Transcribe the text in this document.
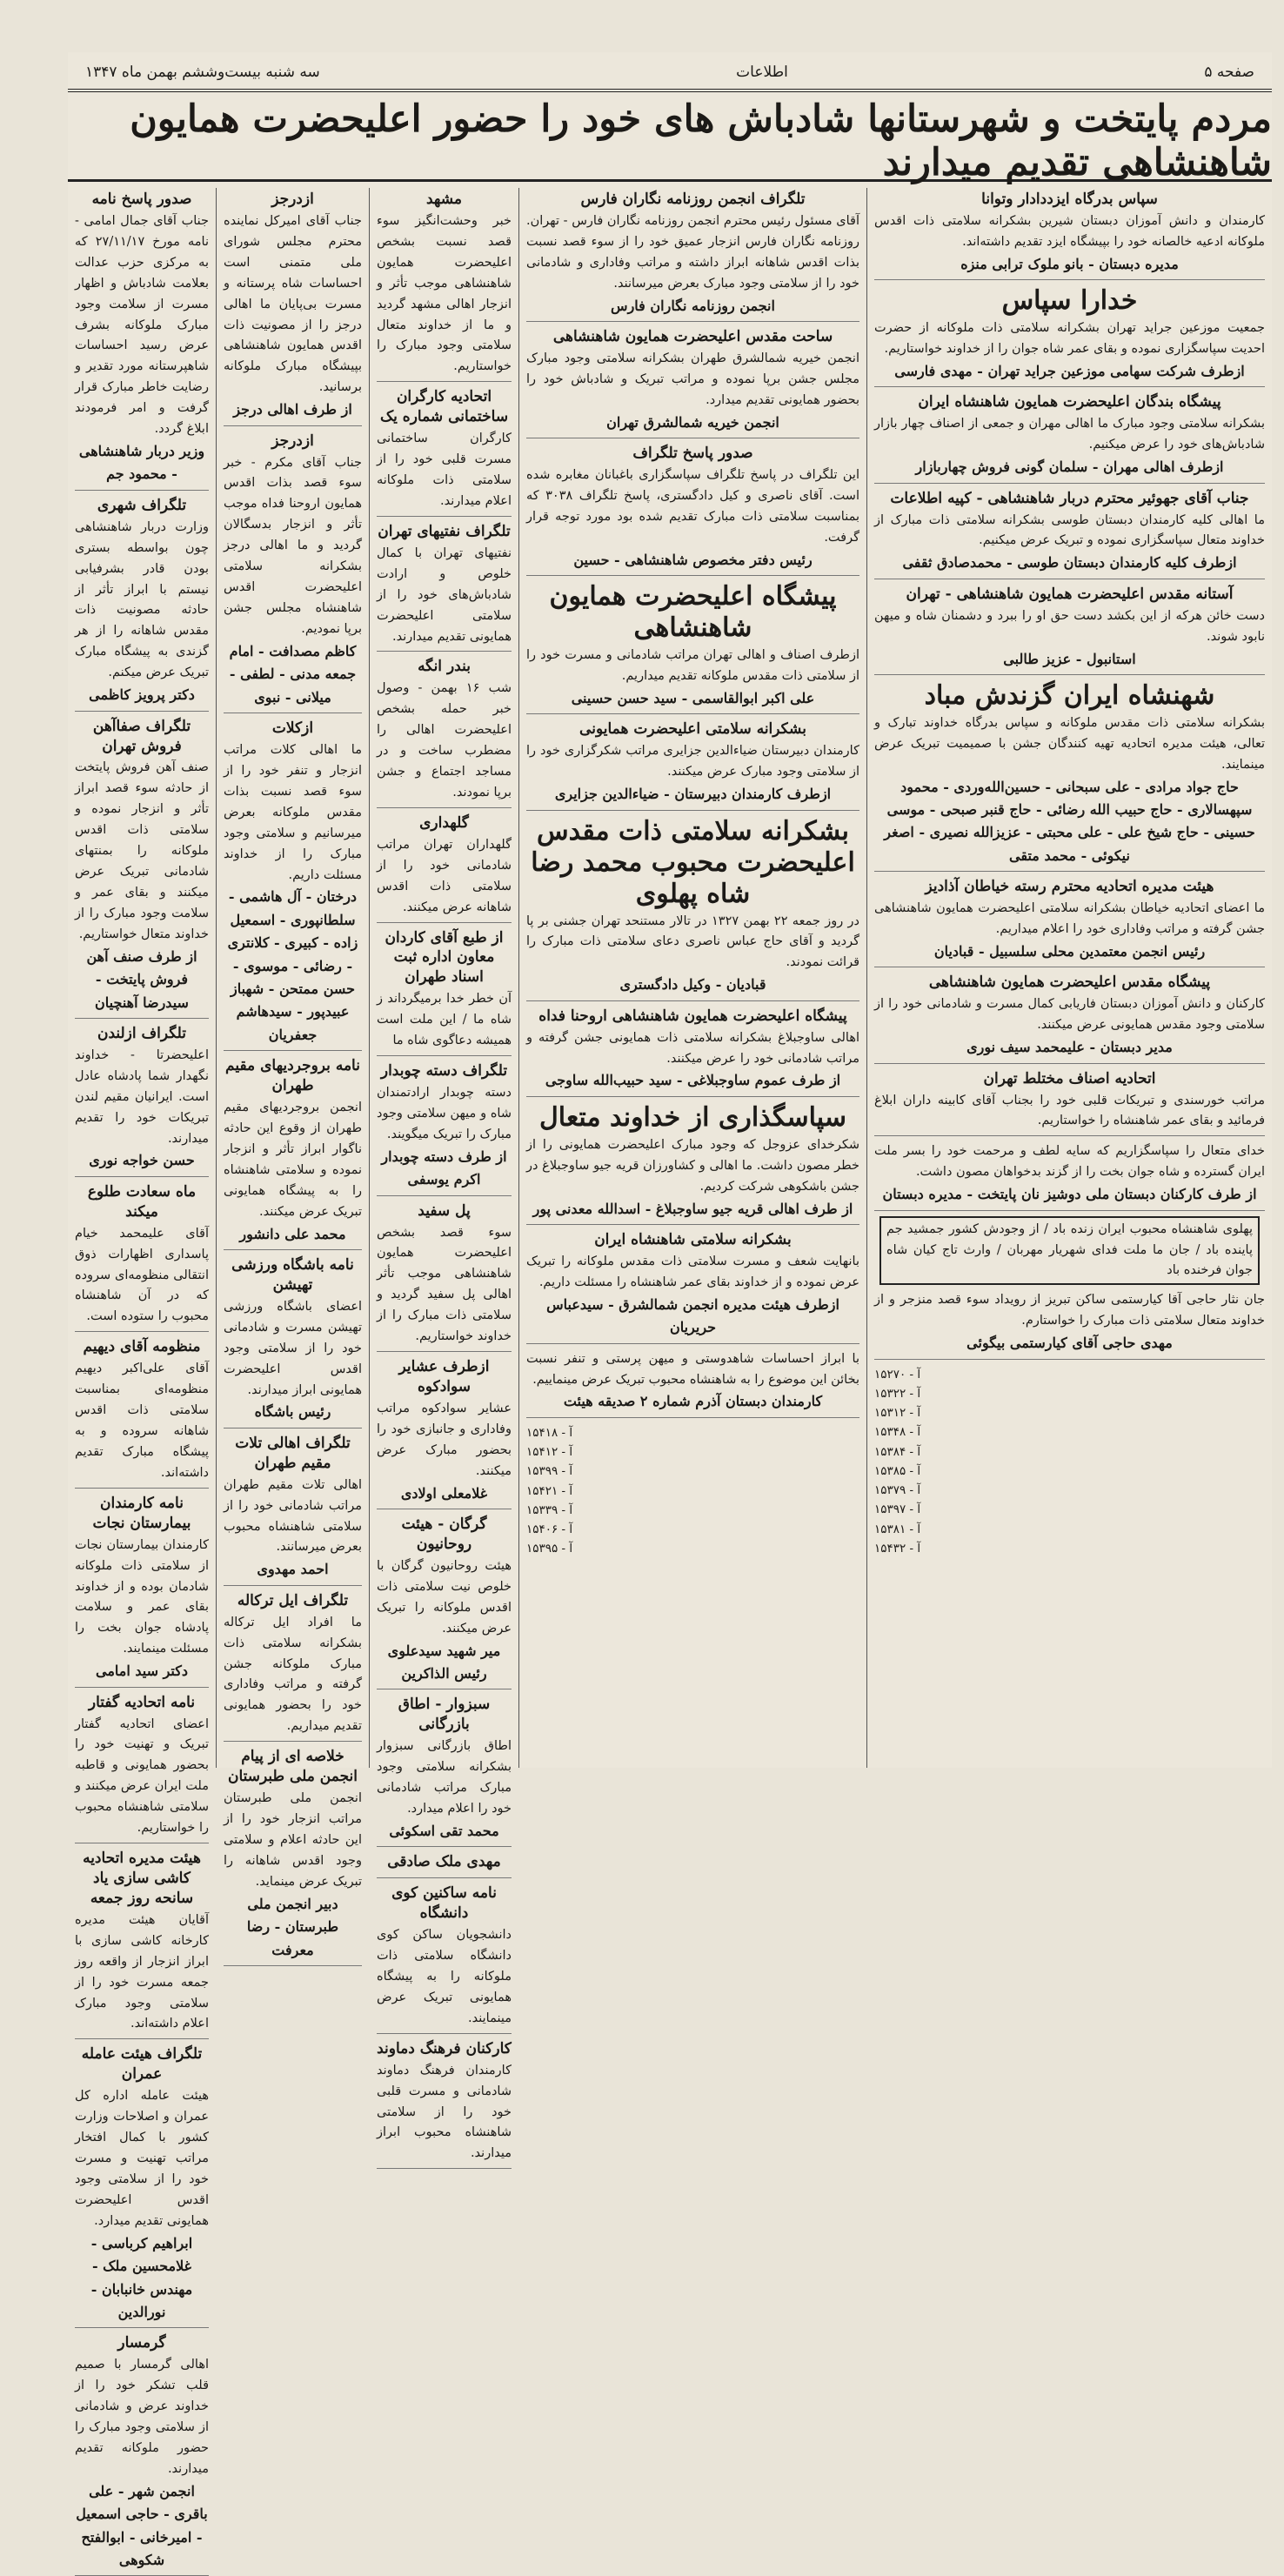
صفحه ۵
اطلاعات
سه شنبه بیست‌وششم بهمن ماه ۱۳۴۷
مردم پایتخت و شهرستانها شادباش های خود را حضور اعلیحضرت همایون شاهنشاهی تقدیم میدارند
سپاس بدرگاه ایزددادار وتوانا

کارمندان و دانش آموزان دبستان شیرین بشکرانه سلامتی ذات اقدس ملوکانه ادعیه خالصانه خود را بپیشگاه ایزد تقدیم داشته‌اند.

مدیره دبستان - بانو ملوک ترابی منزه
خدارا سپاس

جمعیت موزعین جراید تهران بشکرانه سلامتی ذات ملوکانه از حضرت احدیت سپاسگزاری نموده و بقای عمر شاه جوان را از خداوند خواستاریم.

ازطرف شرکت سهامی موزعین جراید تهران - مهدی فارسی
پیشگاه بندگان اعلیحضرت همایون شاهنشاه ایران

بشکرانه سلامتی وجود مبارک ما اهالی مهران و جمعی از اصناف چهار بازار شادباش‌های خود را عرض میکنیم.

ازطرف اهالی مهران - سلمان گونی فروش چهاربازار
جناب آقای جهوئیر محترم دربار شاهنشاهی - کپیه اطلاعات

ما اهالی کلیه کارمندان دبستان طوسی بشکرانه سلامتی ذات مبارک از خداوند متعال سپاسگزاری نموده و تبریک عرض میکنیم.

ازطرف کلیه کارمندان دبستان طوسی - محمدصادق ثقفی
آستانه مقدس اعلیحضرت همایون شاهنشاهی - تهران

دست خائن هرکه از این بکشد دست حق او را ببرد و دشمنان شاه و میهن نابود شوند.

استانبول - عزیز طالبی
شهنشاه ایران گزندش مباد

بشکرانه سلامتی ذات مقدس ملوکانه و سپاس بدرگاه خداوند تبارک و تعالی، هیئت مدیره اتحادیه تهیه کنندگان جشن با صمیمیت تبریک عرض مینمایند.

حاج جواد مرادی - علی سبحانی - حسین‌الله‌وردی - محمود سپهسالاری - حاج حبیب الله رضائی - حاج قنبر صبحی - موسی حسینی - حاج شیخ علی - علی محبتی - عزیزالله نصیری - اصغر نیکوئی - محمد متقی
هیئت مدیره اتحادیه محترم رسته خیاطان آذادیز

ما اعضای اتحادیه خیاطان بشکرانه سلامتی اعلیحضرت همایون شاهنشاهی جشن گرفته و مراتب وفاداری خود را اعلام میداریم.

رئیس انجمن معتمدین محلی سلسبیل - قبادیان
پیشگاه مقدس اعلیحضرت همایون شاهنشاهی

کارکنان و دانش آموزان دبستان فاریابی کمال مسرت و شادمانی خود را از سلامتی وجود مقدس همایونی عرض میکنند.

مدیر دبستان - علیمحمد سیف نوری
اتحادیه اصناف مختلط تهران

مراتب خورسندی و تبریکات قلبی خود را بجناب آقای کابینه داران ابلاغ فرمائید و بقای عمر شاهنشاه را خواستاریم.

خدای متعال را سپاسگزاریم که سایه لطف و مرحمت خود را بسر ملت ایران گسترده و شاه جوان بخت را از گزند بدخواهان مصون داشت.

از طرف کارکنان دبستان ملی دوشیز نان پایتخت - مدیره دبستان

پهلوی شاهنشاه محبوب ایران زنده باد / از وجودش کشور جمشید جم پاینده باد / جان ما ملت فدای شهریار مهربان / وارث تاج کیان شاه جوان فرخنده باد

جان نثار حاجی آقا کیارستمی ساکن تبریز از رویداد سوء قصد منزجر و از خداوند متعال سلامتی ذات مبارک را خواستارم.

مهدی حاجی آقای کیارستمی بیگوئی
آ - ۱۵۲۷۰
آ - ۱۵۳۲۲
آ - ۱۵۳۱۲
آ - ۱۵۳۴۸
آ - ۱۵۳۸۴
آ - ۱۵۳۸۵
آ - ۱۵۳۷۹
آ - ۱۵۳۹۷
آ - ۱۵۳۸۱
آ - ۱۵۴۳۲
تلگراف انجمن روزنامه نگاران فارس

آقای مسئول رئیس محترم انجمن روزنامه نگاران فارس - تهران. روزنامه نگاران فارس انزجار عمیق خود را از سوء قصد نسبت بذات اقدس شاهانه ابراز داشته و مراتب وفاداری و شادمانی خود را از سلامتی وجود مبارک بعرض میرسانند.

انجمن روزنامه نگاران فارس
ساحت مقدس اعلیحضرت همایون شاهنشاهی

انجمن خیریه شمالشرق طهران بشکرانه سلامتی وجود مبارک مجلس جشن برپا نموده و مراتب تبریک و شادباش خود را بحضور همایونی تقدیم میدارد.

انجمن خیریه شمالشرق تهران
صدور پاسخ تلگراف

این تلگراف در پاسخ تلگراف سپاسگزاری باغبانان مغابره شده است. آقای ناصری و کیل دادگستری، پاسخ تلگراف ۳۰۳۸ که بمناسبت سلامتی ذات مبارک تقدیم شده بود مورد توجه قرار گرفت.

رئیس دفتر مخصوص شاهنشاهی - حسین
پیشگاه اعلیحضرت همایون شاهنشاهی

ازطرف اصناف و اهالی تهران مراتب شادمانی و مسرت خود را از سلامتی ذات مقدس ملوکانه تقدیم میداریم.

علی اکبر ابوالقاسمی - سید حسن حسینی
بشکرانه سلامتی اعلیحضرت همایونی

کارمندان دبیرستان ضیاءالدین جزایری مراتب شکرگزاری خود را از سلامتی وجود مبارک عرض میکنند.

ازطرف کارمندان دبیرستان - ضیاءالدین جزایری
بشکرانه سلامتی ذات مقدس اعلیحضرت محبوب محمد رضا شاه پهلوی

در روز جمعه ۲۲ بهمن ۱۳۲۷ در تالار مستنحد تهران جشنی بر پا گردید و آقای حاج عباس ناصری دعای سلامتی ذات مبارک را قرائت نمودند.

قبادیان - وکیل دادگستری
پیشگاه اعلیحضرت همایون شاهنشاهی اروحنا فداه

اهالی ساوجبلاغ بشکرانه سلامتی ذات همایونی جشن گرفته و مراتب شادمانی خود را عرض میکنند.

از طرف عموم ساوجبلاغی - سید حبیب‌الله ساوجی
سپاسگذاری از خداوند متعال

شکرخدای عزوجل که وجود مبارک اعلیحضرت همایونی را از خطر مصون داشت. ما اهالی و کشاورزان قریه جیو ساوجبلاغ در جشن باشکوهی شرکت کردیم.

از طرف اهالی قریه جیو ساوجبلاغ - اسدالله معدنی پور
بشکرانه سلامتی شاهنشاه ایران

بانهایت شعف و مسرت سلامتی ذات مقدس ملوکانه را تبریک عرض نموده و از خداوند بقای عمر شاهنشاه را مسئلت داریم.

ازطرف هیئت مدیره انجمن شمالشرق - سیدعباس حریریان

با ابراز احساسات شاهدوستی و میهن پرستی و تنفر نسبت بخائن این موضوع را به شاهنشاه محبوب تبریک عرض مینماییم.

کارمندان دبستان آذرم شماره ۲ صدیقه هیئت
آ - ۱۵۴۱۸
آ - ۱۵۴۱۲
آ - ۱۵۳۹۹
آ - ۱۵۴۲۱
آ - ۱۵۳۳۹
آ - ۱۵۴۰۶
آ - ۱۵۳۹۵
مشهد

خبر وحشت‌انگیز سوء قصد نسبت بشخص اعلیحضرت همایون شاهنشاهی موجب تأثر و انزجار اهالی مشهد گردید و ما از خداوند متعال سلامتی وجود مبارک را خواستاریم.

اتحادیه کارگران ساختمانی شماره یک

کارگران ساختمانی مسرت قلبی خود را از سلامتی ذات ملوکانه اعلام میدارند.

تلگراف نفتیهای تهران

نفتیهای تهران با کمال خلوص و ارادت شادباش‌های خود را از سلامتی اعلیحضرت همایونی تقدیم میدارند.

بندر انگه

شب ۱۶ بهمن - وصول خبر حمله بشخص اعلیحضرت اهالی را مضطرب ساخت و در مساجد اجتماع و جشن برپا نمودند.

گلهداری

گلهداران تهران مراتب شادمانی خود را از سلامتی ذات اقدس شاهانه عرض میکنند.

از طبع آقای کاردان معاون اداره ثبت اسناد طهران

آن خطر خدا برمیگرداند ز شاه ما / این ملت است همیشه دعاگوی شاه ما

تلگراف دسته چوبدار

دسته چوبدار ارادتمندان شاه و میهن سلامتی وجود مبارک را تبریک میگویند.

از طرف دسته چوبدار اکرم یوسفی
پل سفید

سوء قصد بشخص اعلیحضرت همایون شاهنشاهی موجب تأثر اهالی پل سفید گردید و سلامتی ذات مبارک را از خداوند خواستاریم.

ازطرف عشایر سوادکوه

عشایر سوادکوه مراتب وفاداری و جانبازی خود را بحضور مبارک عرض میکنند.

غلامعلی اولادی
گرگان - هیئت روحانیون

هیئت روحانیون گرگان با خلوص نیت سلامتی ذات اقدس ملوکانه را تبریک عرض میکنند.

میر شهید سیدعلوی رئیس الذاکرین
سبزوار - اطاق بازرگانی

اطاق بازرگانی سبزوار بشکرانه سلامتی وجود مبارک مراتب شادمانی خود را اعلام میدارد.

محمد تقی اسکوئی
مهدی ملک صادقی
نامه ساکنین کوی دانشگاه

دانشجویان ساکن کوی دانشگاه سلامتی ذات ملوکانه را به پیشگاه همایونی تبریک عرض مینمایند.

کارکنان فرهنگ دماوند

کارمندان فرهنگ دماوند شادمانی و مسرت قلبی خود را از سلامتی شاهنشاه محبوب ابراز میدارند.

ازدرجز

جناب آقای امیرکل نماینده محترم مجلس شورای ملی متمنی است احساسات شاه پرستانه و مسرت بی‌پایان ما اهالی درجز را از مصونیت ذات اقدس همایون شاهنشاهی بپیشگاه مبارک ملوکانه برسانید.

از طرف اهالی درجز
ازدرجز

جناب آقای مکرم - خبر سوء قصد بذات اقدس همایون اروحنا فداه موجب تأثر و انزجار بدسگالان گردید و ما اهالی درجز بشکرانه سلامتی اعلیحضرت اقدس شاهنشاه مجلس جشن برپا نمودیم.

کاظم مصدافت - امام جمعه مدنی - لطفی - میلانی - نبوی
ازکلات

ما اهالی کلات مراتب انزجار و تنفر خود را از سوء قصد نسبت بذات مقدس ملوکانه بعرض میرسانیم و سلامتی وجود مبارک را از خداوند مسئلت داریم.

درختان - آل هاشمی - سلطانپوری - اسمعیل زاده - کبیری - کلانتری - رضائی - موسوی - حسن ممتحن - شهباز عبیدپور - سیدهاشم جعفریان
نامه بروجردیهای مقیم طهران

انجمن بروجردیهای مقیم طهران از وقوع این حادثه ناگوار ابراز تأثر و انزجار نموده و سلامتی شاهنشاه را به پیشگاه همایونی تبریک عرض میکنند.

محمد علی دانشور
نامه باشگاه ورزشی تهیشن

اعضای باشگاه ورزشی تهیشن مسرت و شادمانی خود را از سلامتی وجود اقدس اعلیحضرت همایونی ابراز میدارند.

رئیس باشگاه
تلگراف اهالی تلات مقیم طهران

اهالی تلات مقیم طهران مراتب شادمانی خود را از سلامتی شاهنشاه محبوب بعرض میرسانند.

احمد مهدوی
تلگراف ایل ترکاله

ما افراد ایل ترکاله بشکرانه سلامتی ذات مبارک ملوکانه جشن گرفته و مراتب وفاداری خود را بحضور همایونی تقدیم میداریم.

خلاصه ای از پیام انجمن ملی طبرستان

انجمن ملی طبرستان مراتب انزجار خود را از این حادثه اعلام و سلامتی وجود اقدس شاهانه را تبریک عرض مینماید.

دبیر انجمن ملی طبرستان - رضا معرفت
صدور پاسخ نامه

جناب آقای جمال امامی - نامه مورخ ۲۷/۱۱/۱۷ که به مرکزی حزب عدالت بعلامت شادباش و اظهار مسرت از سلامت وجود مبارک ملوکانه بشرف عرض رسید احساسات شاهپرستانه مورد تقدیر و رضایت خاطر مبارک قرار گرفت و امر فرمودند ابلاغ گردد.

وزیر دربار شاهنشاهی - محمود جم
تلگراف شهری

وزارت دربار شاهنشاهی چون بواسطه بستری بودن قادر بشرفیابی نیستم با ابراز تأثر از حادثه مصونیت ذات مقدس شاهانه را از هر گزندی به پیشگاه مبارک تبریک عرض میکنم.

دکتر پرویز کاظمی
تلگراف صفا‌آهن فروش تهران

صنف آهن فروش پایتخت از حادثه سوء قصد ابراز تأثر و انزجار نموده و سلامتی ذات اقدس ملوکانه را بمنتهای شادمانی تبریک عرض میکنند و بقای عمر و سلامت وجود مبارک را از خداوند متعال خواستاریم.

از طرف صنف آهن فروش پایتخت - سیدرضا آهنچیان
تلگراف ازلندن

اعلیحضرتا - خداوند نگهدار شما پادشاه عادل است. ایرانیان مقیم لندن تبریکات خود را تقدیم میدارند.

حسن خواجه نوری
ماه سعادت طلوع میکند

آقای علیمحمد خیام پاسداری اظهارات ذوق انتقالی منظومه‌ای سروده که در آن شاهنشاه محبوب را ستوده است.

منظومه آقای دیهیم

آقای علی‌اکبر دیهیم منظومه‌ای بمناسبت سلامتی ذات اقدس شاهانه سروده و به پیشگاه مبارک تقدیم داشته‌اند.

نامه کارمندان بیمارستان نجات

کارمندان بیمارستان نجات از سلامتی ذات ملوکانه شادمان بوده و از خداوند بقای عمر و سلامت پادشاه جوان بخت را مسئلت مینمایند.

دکتر سید امامی
نامه اتحادیه گفتار

اعضای اتحادیه گفتار تبریک و تهنیت خود را بحضور همایونی و قاطبه ملت ایران عرض میکنند و سلامتی شاهنشاه محبوب را خواستاریم.

هیئت مدیره اتحادیه کاشی سازی یاد سانحه روز جمعه

آقایان هیئت مدیره کارخانه کاشی سازی با ابراز انزجار از واقعه روز جمعه مسرت خود را از سلامتی وجود مبارک اعلام داشته‌اند.

تلگراف هیئت عامله عمران

هیئت عامله اداره کل عمران و اصلاحات وزارت کشور با کمال افتخار مراتب تهنیت و مسرت خود را از سلامتی وجود اقدس اعلیحضرت همایونی تقدیم میدارد.

ابراهیم کرباسی - غلامحسین ملک - مهندس خانبابان - نورالدین
گرمسار

اهالی گرمسار با صمیم قلب تشکر خود را از خداوند عرض و شادمانی از سلامتی وجود مبارک را حضور ملوکانه تقدیم میدارند.

انجمن شهر - علی باقری - حاجی اسمعیل - امیرخانی - ابوالفتح شکوهی
